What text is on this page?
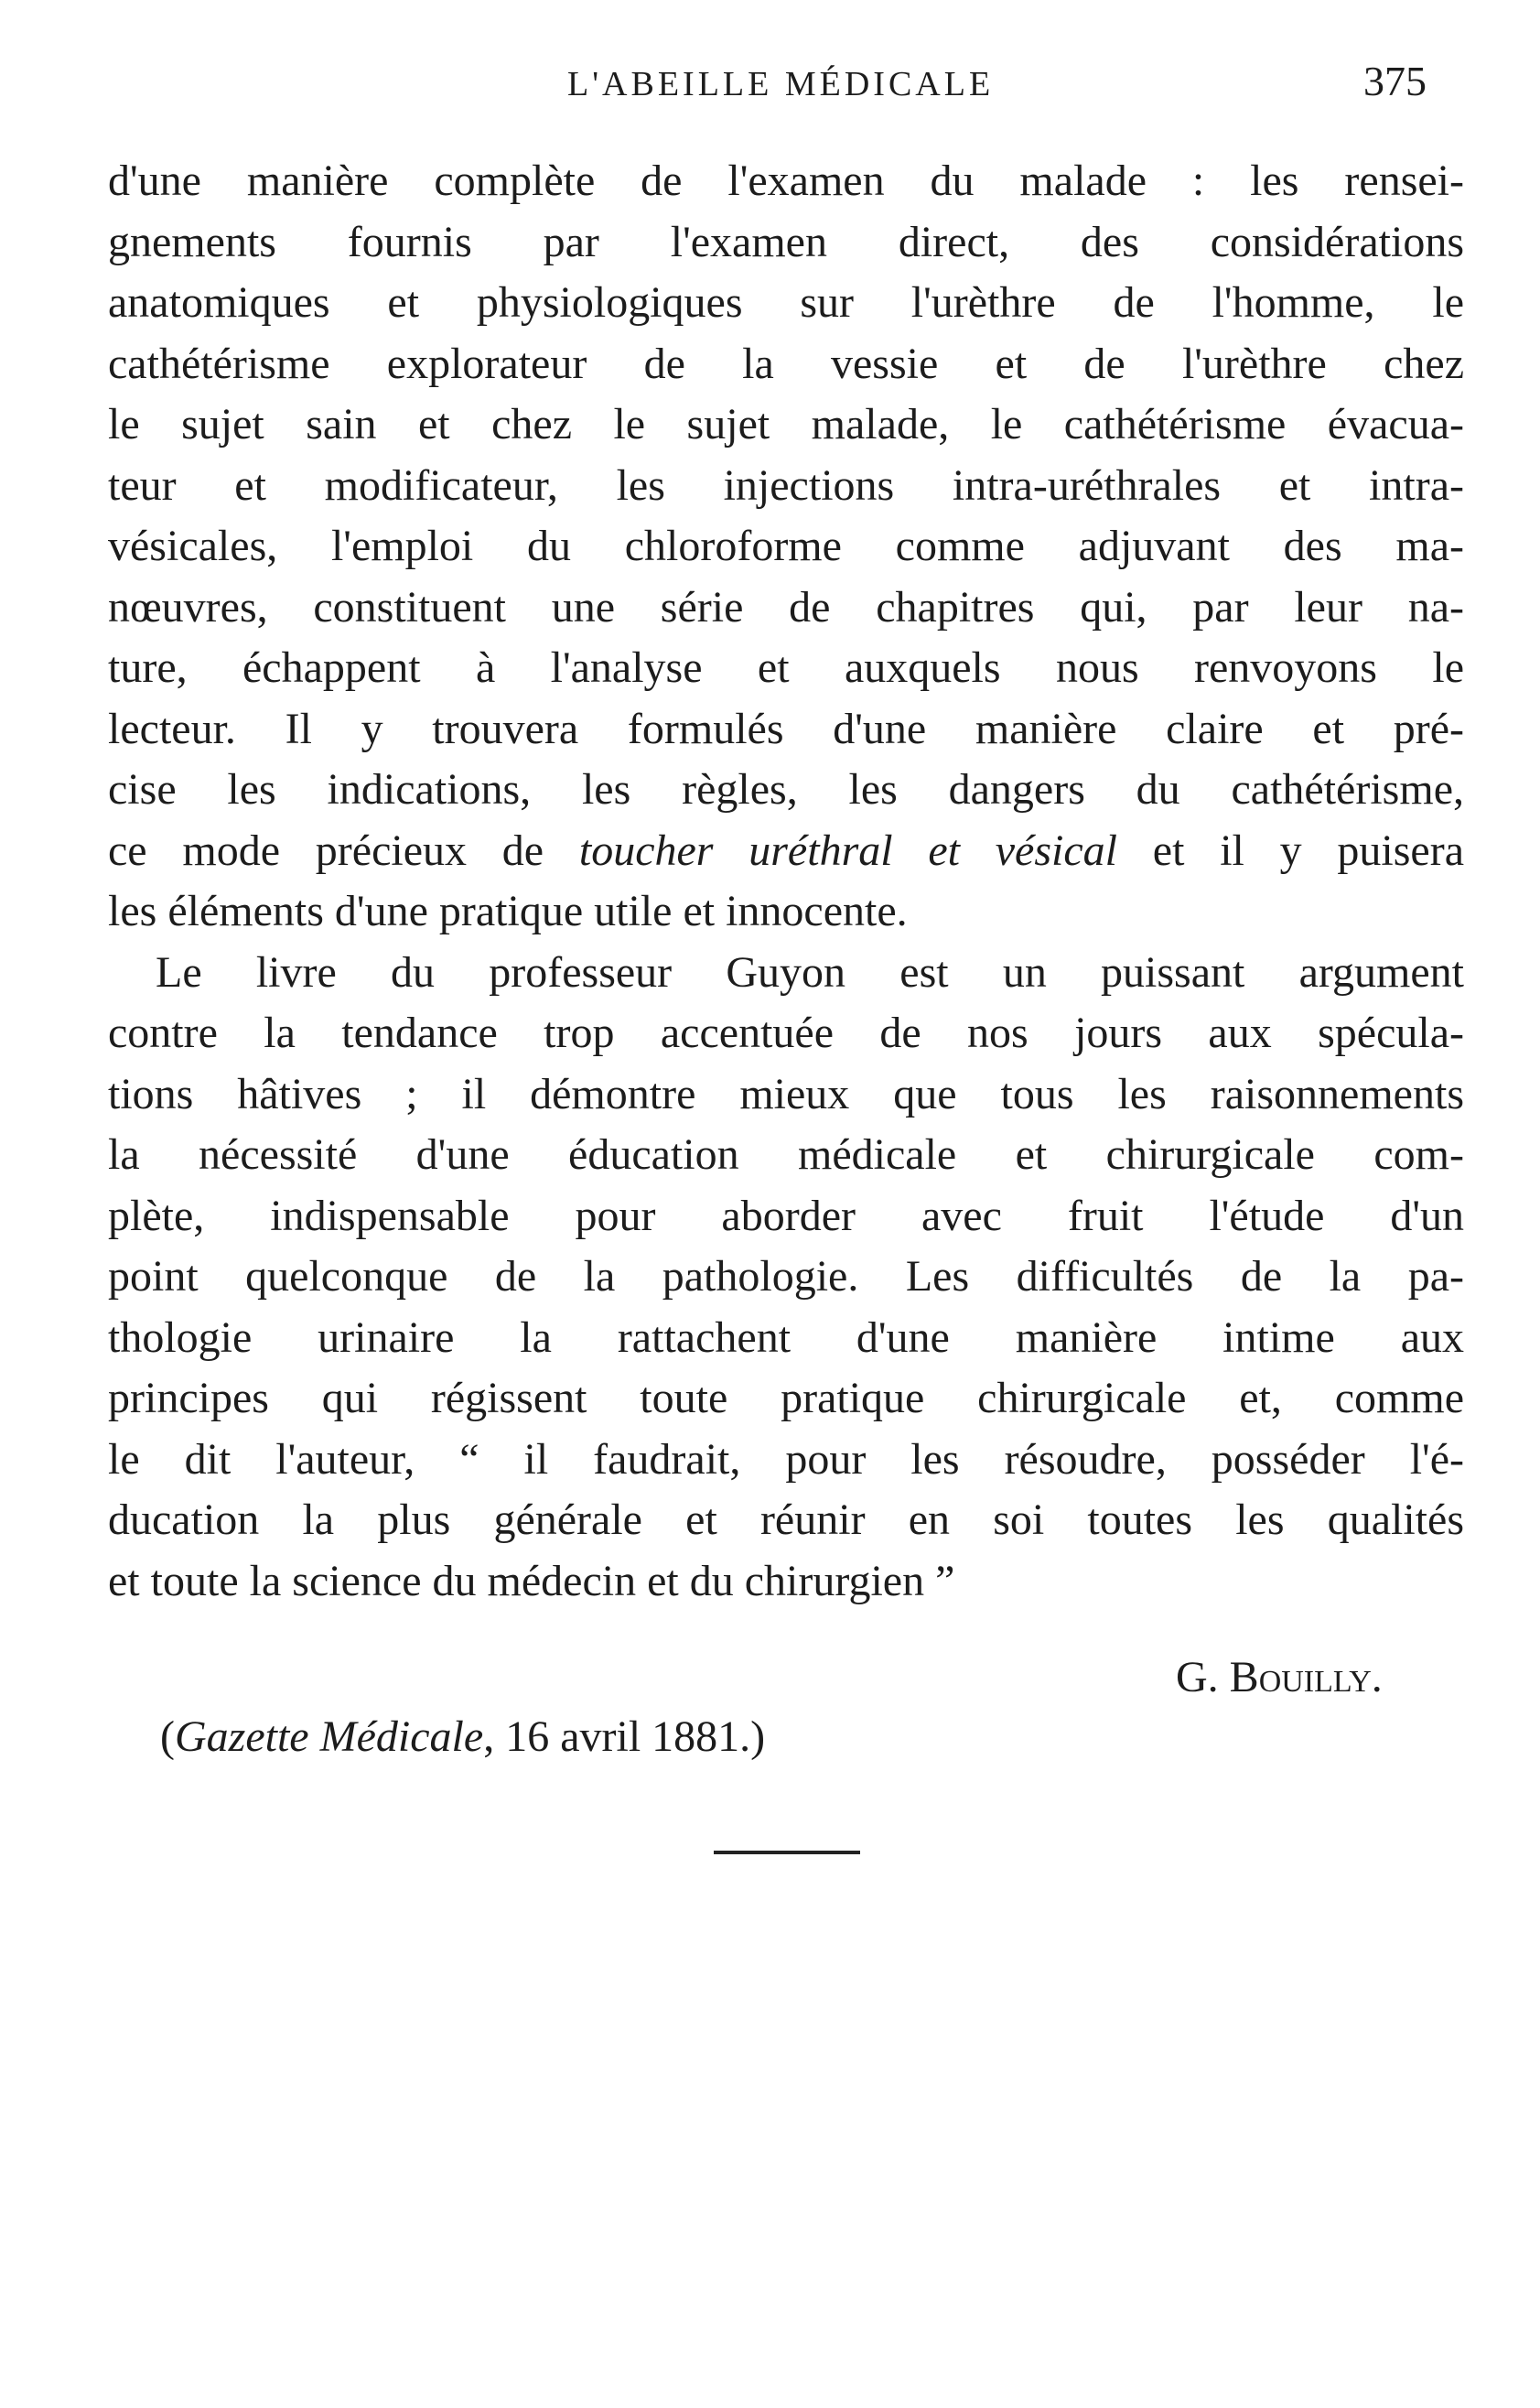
L'ABEILLE MÉDICALE	375
d'une manière complète de l'examen du malade : les rensei-
gnements fournis par l'examen direct, des considérations
anatomiques et physiologiques sur l'urèthre de l'homme, le
cathétérisme explorateur de la vessie et de l'urèthre chez
le sujet sain et chez le sujet malade, le cathétérisme évacua-
teur et modificateur, les injections intra-uréthrales et intra-
vésicales, l'emploi du chloroforme comme adjuvant des ma-
nœuvres, constituent une série de chapitres qui, par leur na-
ture, échappent à l'analyse et auxquels nous renvoyons le
lecteur. Il y trouvera formulés d'une manière claire et pré-
cise les indications, les règles, les dangers du cathétérisme,
ce mode précieux de toucher uréthral et vésical et il y puisera
les éléments d'une pratique utile et innocente.
Le livre du professeur Guyon est un puissant argument
contre la tendance trop accentuée de nos jours aux spécula-
tions hâtives ; il démontre mieux que tous les raisonnements
la nécessité d'une éducation médicale et chirurgicale com-
plète, indispensable pour aborder avec fruit l'étude d'un
point quelconque de la pathologie. Les difficultés de la pa-
thologie urinaire la rattachent d'une manière intime aux
principes qui régissent toute pratique chirurgicale et, comme
le dit l'auteur, “ il faudrait, pour les résoudre, posséder l'é-
ducation la plus générale et réunir en soi toutes les qualités
et toute la science du médecin et du chirurgien ”
G. Bouilly.
(Gazette Médicale, 16 avril 1881.)
